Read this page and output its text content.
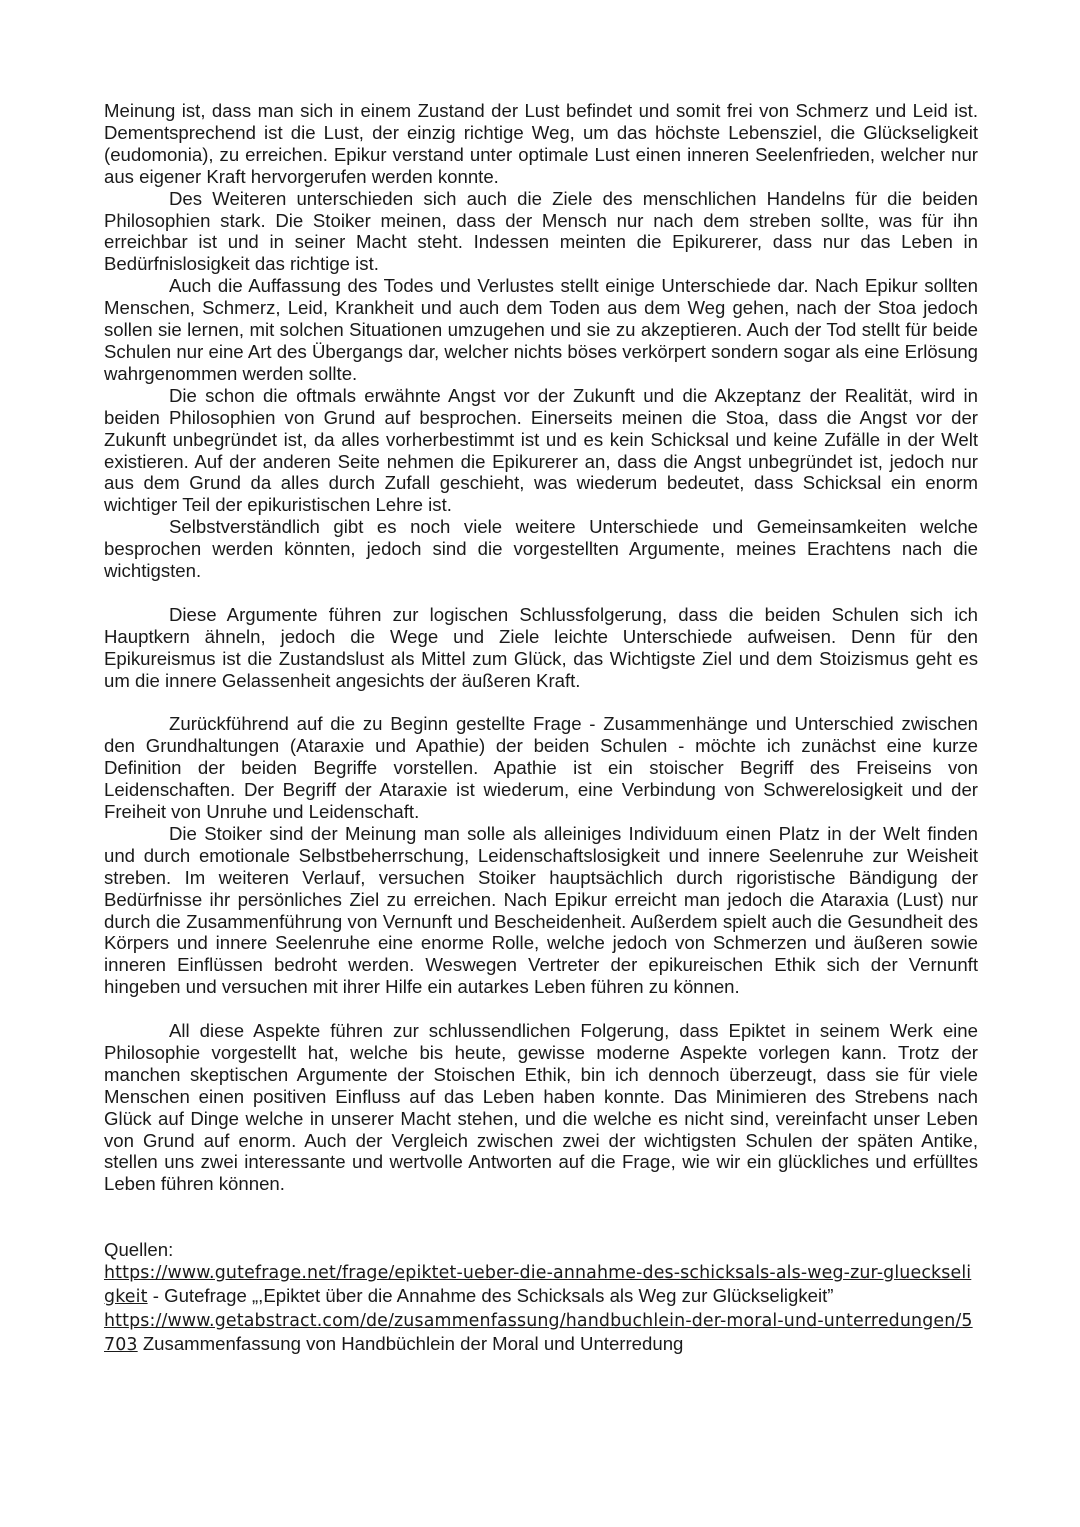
Meinung ist, dass man sich in einem Zustand der Lust befindet und somit frei von Schmerz und Leid ist. Dementsprechend ist die Lust, der einzig richtige Weg, um das höchste Lebensziel, die Glückseligkeit (eudomonia), zu erreichen. Epikur verstand unter optimale Lust einen inneren Seelenfrieden, welcher nur aus eigener Kraft hervorgerufen werden konnte.

Des Weiteren unterschieden sich auch die Ziele des menschlichen Handelns für die beiden Philosophien stark. Die Stoiker meinen, dass der Mensch nur nach dem streben sollte, was für ihn erreichbar ist und in seiner Macht steht. Indessen meinten die Epikurerer, dass nur das Leben in Bedürfnislosigkeit das richtige ist.

Auch die Auffassung des Todes und Verlustes stellt einige Unterschiede dar. Nach Epikur sollten Menschen, Schmerz, Leid, Krankheit und auch dem Toden aus dem Weg gehen, nach der Stoa jedoch sollen sie lernen, mit solchen Situationen umzugehen und sie zu akzeptieren. Auch der Tod stellt für beide Schulen nur eine Art des Übergangs dar, welcher nichts böses verkörpert sondern sogar als eine Erlösung wahrgenommen werden sollte.

Die schon die oftmals erwähnte Angst vor der Zukunft und die Akzeptanz der Realität, wird in beiden Philosophien von Grund auf besprochen. Einerseits meinen die Stoa, dass die Angst vor der Zukunft unbegründet ist, da alles vorherbestimmt ist und es kein Schicksal und keine Zufälle in der Welt existieren. Auf der anderen Seite nehmen die Epikurerer an, dass die Angst unbegründet ist, jedoch nur aus dem Grund da alles durch Zufall geschieht, was wiederum bedeutet, dass Schicksal ein enorm wichtiger Teil der epikuristischen Lehre ist.

Selbstverständlich gibt es noch viele weitere Unterschiede und Gemeinsamkeiten welche besprochen werden könnten, jedoch sind die vorgestellten Argumente, meines Erachtens nach die wichtigsten.

Diese Argumente führen zur logischen Schlussfolgerung, dass die beiden Schulen sich ich Hauptkern ähneln, jedoch die Wege und Ziele leichte Unterschiede aufweisen. Denn für den Epikureismus ist die Zustandslust als Mittel zum Glück, das Wichtigste Ziel und dem Stoizismus geht es um die innere Gelassenheit angesichts der äußeren Kraft.

Zurückführend auf die zu Beginn gestellte Frage - Zusammenhänge und Unterschied zwischen den Grundhaltungen (Ataraxie und Apathie) der beiden Schulen - möchte ich zunächst eine kurze Definition der beiden Begriffe vorstellen. Apathie ist ein stoischer Begriff des Freiseins von Leidenschaften. Der Begriff der Ataraxie ist wiederum, eine Verbindung von Schwerelosigkeit und der Freiheit von Unruhe und Leidenschaft.

Die Stoiker sind der Meinung man solle als alleiniges Individuum einen Platz in der Welt finden und durch emotionale Selbstbeherrschung, Leidenschaftslosigkeit und innere Seelenruhe zur Weisheit streben. Im weiteren Verlauf, versuchen Stoiker hauptsächlich durch rigoristische Bändigung der Bedürfnisse ihr persönliches Ziel zu erreichen. Nach Epikur erreicht man jedoch die Ataraxia (Lust) nur durch die Zusammenführung von Vernunft und Bescheidenheit. Außerdem spielt auch die Gesundheit des Körpers und innere Seelenruhe eine enorme Rolle, welche jedoch von Schmerzen und äußeren sowie inneren Einflüssen bedroht werden. Weswegen Vertreter der epikureischen Ethik sich der Vernunft hingeben und versuchen mit ihrer Hilfe ein autarkes Leben führen zu können.

All diese Aspekte führen zur schlussendlichen Folgerung, dass Epiktet in seinem Werk eine Philosophie vorgestellt hat, welche bis heute, gewisse moderne Aspekte vorlegen kann. Trotz der manchen skeptischen Argumente der Stoischen Ethik, bin ich dennoch überzeugt, dass sie für viele Menschen einen positiven Einfluss auf das Leben haben konnte. Das Minimieren des Strebens nach Glück auf Dinge welche in unserer Macht stehen, und die welche es nicht sind, vereinfacht unser Leben von Grund auf enorm. Auch der Vergleich zwischen zwei der wichtigsten Schulen der späten Antike, stellen uns zwei interessante und wertvolle Antworten auf die Frage, wie wir ein glückliches und erfülltes Leben führen können.

Quellen:

https://www.gutefrage.net/frage/epiktet-ueber-die-annahme-des-schicksals-als-weg-zur-glueckseligkeit - Gutefrage „,Epiktet über die Annahme des Schicksals als Weg zur Glückseligkeit”

https://www.getabstract.com/de/zusammenfassung/handbuchlein-der-moral-und-unterredungen/5703 Zusammenfassung von Handbüchlein der Moral und Unterredung
